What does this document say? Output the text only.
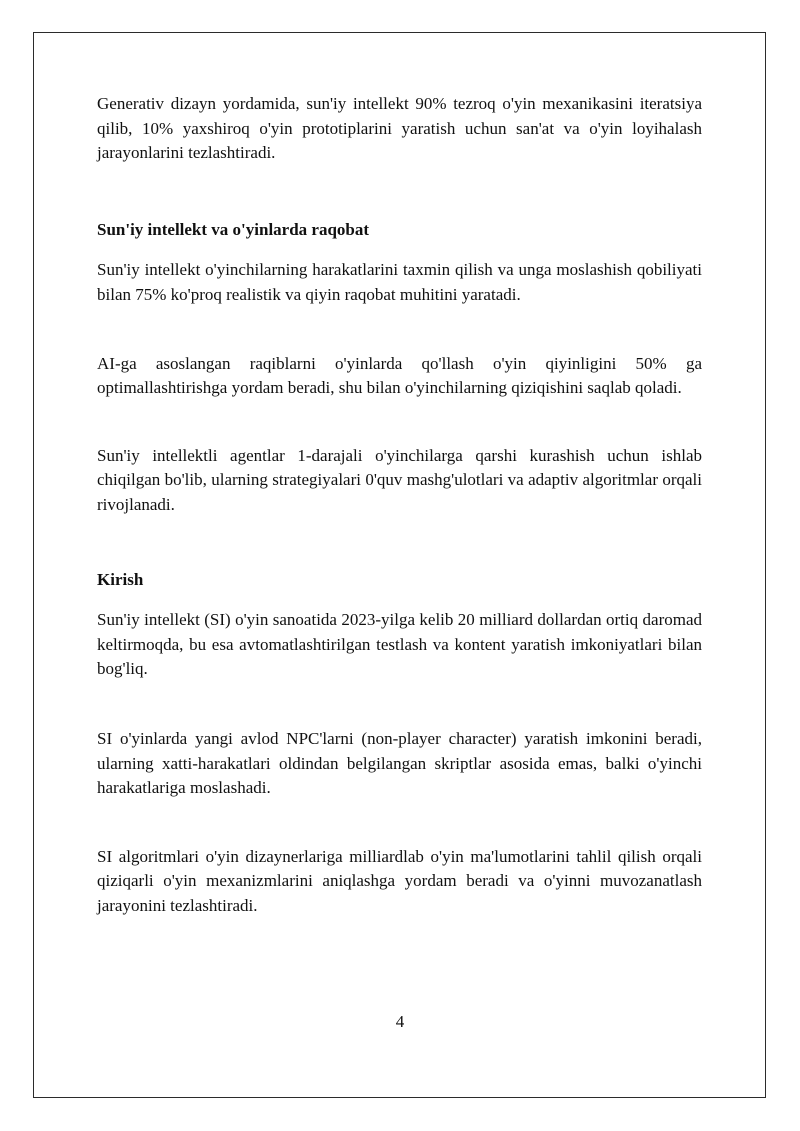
Generativ dizayn yordamida, sun'iy intellekt 90% tezroq o'yin mexanikasini iteratsiya qilib, 10% yaxshiroq o'yin prototiplarini yaratish uchun san'at va o'yin loyihalash jarayonlarini tezlashtiradi.

Sun'iy intellekt va o'yinlarda raqobat

Sun'iy intellekt o'yinchilarning harakatlarini taxmin qilish va unga moslashish qobiliyati bilan 75% ko'proq realistik va qiyin raqobat muhitini yaratadi.

AI-ga asoslangan raqiblarni o'yinlarda qo'llash o'yin qiyinligini 50% ga optimallashtirishga yordam beradi, shu bilan o'yinchilarning qiziqishini saqlab qoladi.

Sun'iy intellektli agentlar 1-darajali o'yinchilarga qarshi kurashish uchun ishlab chiqilgan bo'lib, ularning strategiyalari 0'quv mashg'ulotlari va adaptiv algoritmlar orqali rivojlanadi.

Kirish

Sun'iy intellekt (SI) o'yin sanoatida 2023-yilga kelib 20 milliard dollardan ortiq daromad keltirmoqda, bu esa avtomatlashtirilgan testlash va kontent yaratish imkoniyatlari bilan bog'liq.

SI o'yinlarda yangi avlod NPC'larni (non-player character) yaratish imkonini beradi, ularning xatti-harakatlari oldindan belgilangan skriptlar asosida emas, balki o'yinchi harakatlariga moslashadi.

SI algoritmlari o'yin dizaynerlariga milliardlab o'yin ma'lumotlarini tahlil qilish orqali qiziqarli o'yin mexanizmlarini aniqlashga yordam beradi va o'yinni muvozanatlash jarayonini tezlashtiradi.

4
